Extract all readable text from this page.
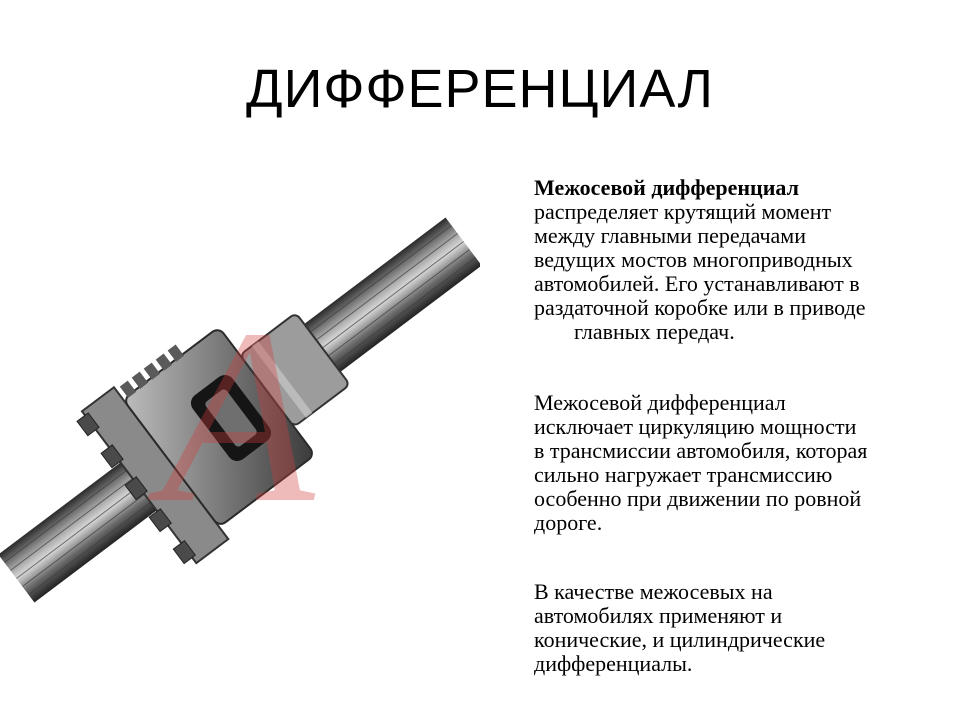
ДИФФЕРЕНЦИАЛ
А

Межосевой дифференциал
распределяет крутящий момент
между главными передачами
ведущих мостов многоприводных
автомобилей. Его устанавливают в
раздаточной коробке или в приводе

главных передач.

Межосевой дифференциал
исключает циркуляцию мощности
в трансмиссии автомобиля, которая
сильно нагружает трансмиссию
особенно при движении по ровной
дороге.

В качестве межосевых на
автомобилях применяют и
конические, и цилиндрические
дифференциалы.
